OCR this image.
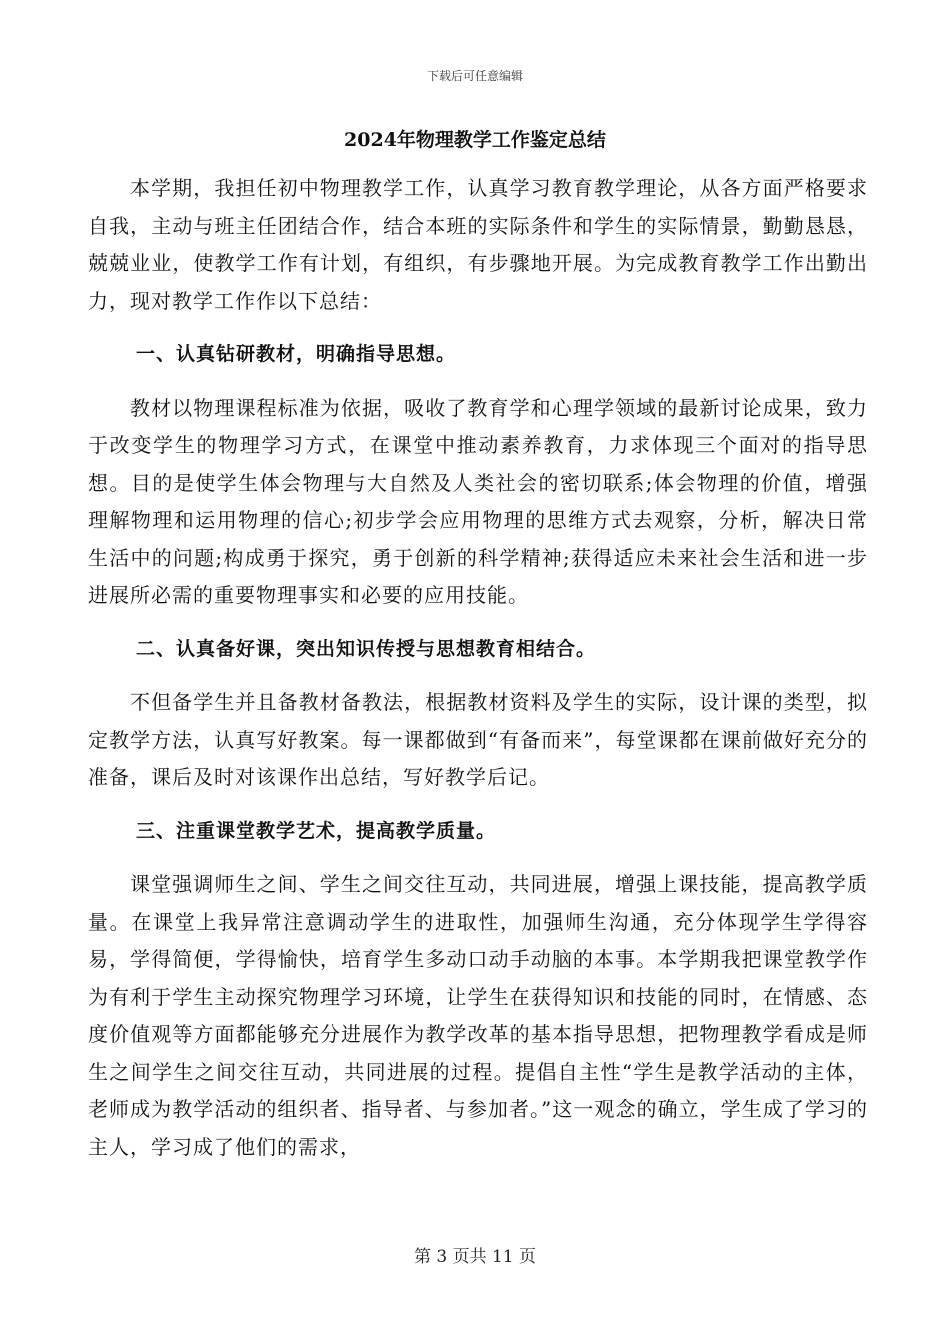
下载后可任意编辑
2024年物理教学工作鉴定总结

本学期，我担任初中物理教学工作，认真学习教育教学理论，从各方面严格要求自我，主动与班主任团结合作，结合本班的实际条件和学生的实际情景，勤勤恳恳，兢兢业业，使教学工作有计划，有组织，有步骤地开展。为完成教育教学工作出勤出力，现对教学工作作以下总结：

一、认真钻研教材，明确指导思想。

教材以物理课程标准为依据，吸收了教育学和心理学领域的最新讨论成果，致力于改变学生的物理学习方式，在课堂中推动素养教育，力求体现三个面对的指导思想。目的是使学生体会物理与大自然及人类社会的密切联系;体会物理的价值，增强理解物理和运用物理的信心;初步学会应用物理的思维方式去观察，分析，解决日常生活中的问题;构成勇于探究，勇于创新的科学精神;获得适应未来社会生活和进一步进展所必需的重要物理事实和必要的应用技能。

二、认真备好课，突出知识传授与思想教育相结合。

不但备学生并且备教材备教法，根据教材资料及学生的实际，设计课的类型，拟定教学方法，认真写好教案。每一课都做到“有备而来”，每堂课都在课前做好充分的准备，课后及时对该课作出总结，写好教学后记。

三、注重课堂教学艺术，提高教学质量。

课堂强调师生之间、学生之间交往互动，共同进展，增强上课技能，提高教学质量。在课堂上我异常注意调动学生的进取性，加强师生沟通，充分体现学生学得容易，学得简便，学得愉快，培育学生多动口动手动脑的本事。本学期我把课堂教学作为有利于学生主动探究物理学习环境，让学生在获得知识和技能的同时，在情感、态度价值观等方面都能够充分进展作为教学改革的基本指导思想，把物理教学看成是师生之间学生之间交往互动，共同进展的过程。提倡自主性“学生是教学活动的主体，老师成为教学活动的组织者、指导者、与参加者。”这一观念的确立，学生成了学习的主人，学习成了他们的需求，

第 3 页共 11 页
